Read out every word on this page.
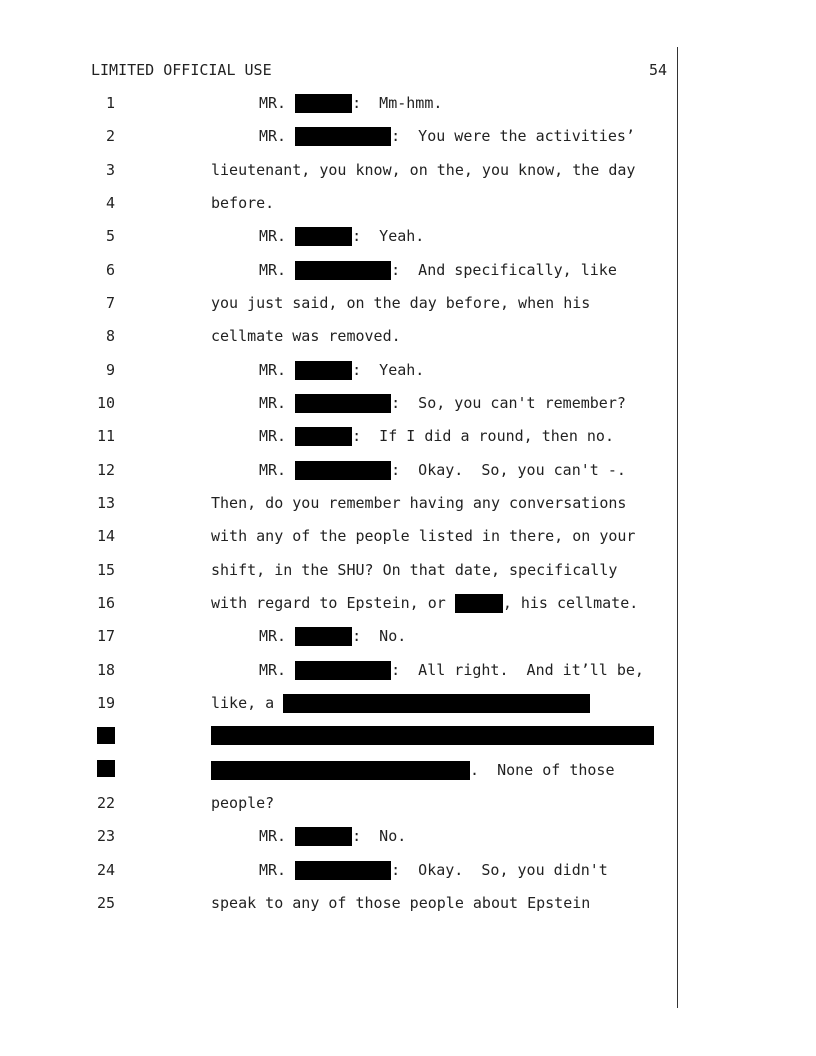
LIMITED OFFICIAL USE	54
1	MR.	:  Mm-hmm.
2	MR.	:  You were the activities’
3	lieutenant, you know, on the, you know, the day
4	before.
5	MR.	:  Yeah.
6	MR.	:  And specifically, like
7	you just said, on the day before, when his
8	cellmate was removed.
9	MR.	:  Yeah.
10	MR.	:  So, you can't remember?
11	MR.	:  If I did a round, then no.
12	MR.	:  Okay.  So, you can't -.
13	Then, do you remember having any conversations
14	with any of the people listed in there, on your
15	shift, in the SHU? On that date, specifically
16	with regard to Epstein, or	, his cellmate.
17	MR.	:  No.
18	MR.	:  All right.  And it’ll be,
19	like, a
.  None of those
22	people?
23	MR.	:  No.
24	MR.	:  Okay.  So, you didn't
25	speak to any of those people about Epstein
